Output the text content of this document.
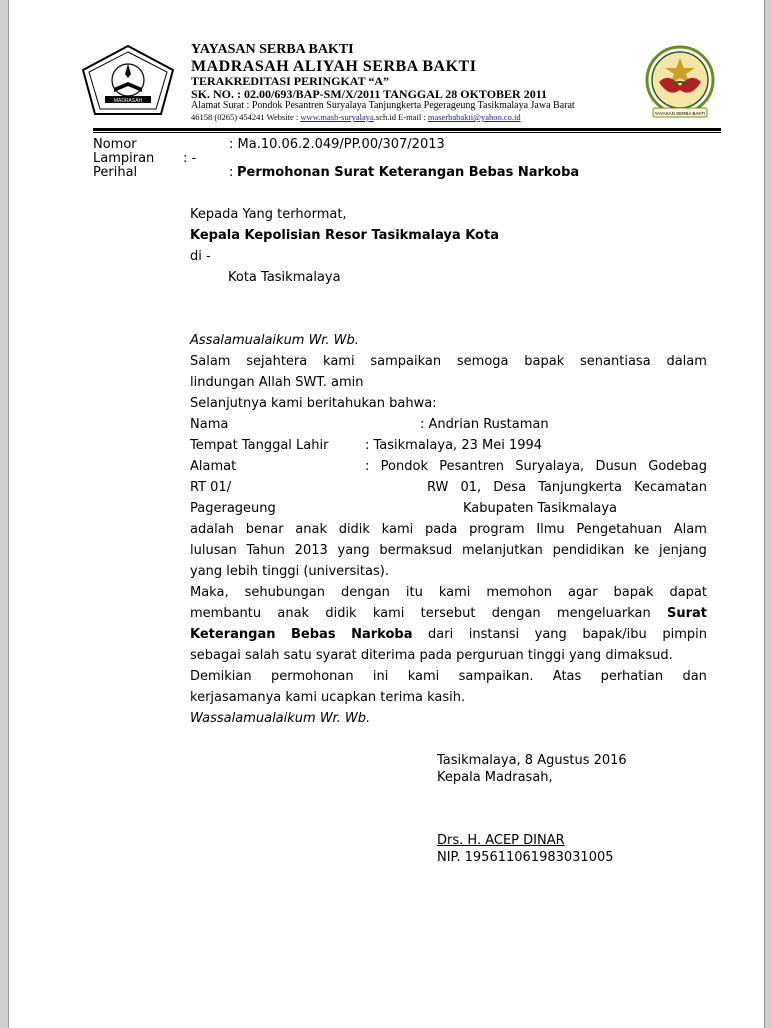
MADRASAH
YAYASAN SERBA BAKTI
YAYASAN SERBA BAKTI
MADRASAH ALIYAH SERBA BAKTI
TERAKREDITASI PERINGKAT “A”
SK. NO. : 02.00/693/BAP-SM/X/2011 TANGGAL 28 OKTOBER 2011
Alamat Surat : Pondok Pesantren Suryalaya Tanjungkerta Pegerageung Tasikmalaya Jawa Barat
46158 (0265) 454241 Website : www.masb-suryalaya.sch.id E-mail : maserbabakti@yahoo.co.id
Nomor	: Ma.10.06.2.049/PP.00/307/2013
Lampiran : -
Perihal	: Permohonan Surat Keterangan Bebas Narkoba
Kepada Yang terhormat,
Kepala Kepolisian Resor Tasikmalaya Kota
di -
Kota Tasikmalaya
Assalamualaikum Wr. Wb.
Salam sejahtera kami sampaikan semoga bapak senantiasa dalam
lindungan Allah SWT. amin
Selanjutnya kami beritahukan bahwa:
Nama	: Andrian Rustaman
Tempat Tanggal Lahir	: Tasikmalaya, 23 Mei 1994
Alamat	: Pondok Pesantren Suryalaya, Dusun Godebag
RT 01/	RW 01, Desa Tanjungkerta Kecamatan
Pagerageung	Kabupaten Tasikmalaya
adalah benar anak didik kami pada program Ilmu Pengetahuan Alam
lulusan Tahun 2013 yang bermaksud melanjutkan pendidikan ke jenjang
yang lebih tinggi (universitas).
Maka, sehubungan dengan itu kami memohon agar bapak dapat
membantu anak didik kami tersebut dengan mengeluarkan Surat
Keterangan Bebas Narkoba dari instansi yang bapak/ibu pimpin
sebagai salah satu syarat diterima pada perguruan tinggi yang dimaksud.
Demikian permohonan ini kami sampaikan. Atas perhatian dan
kerjasamanya kami ucapkan terima kasih.
Wassalamualaikum Wr. Wb.
Tasikmalaya, 8 Agustus 2016
Kepala Madrasah,
Drs. H. ACEP DINAR
NIP. 195611061983031005
